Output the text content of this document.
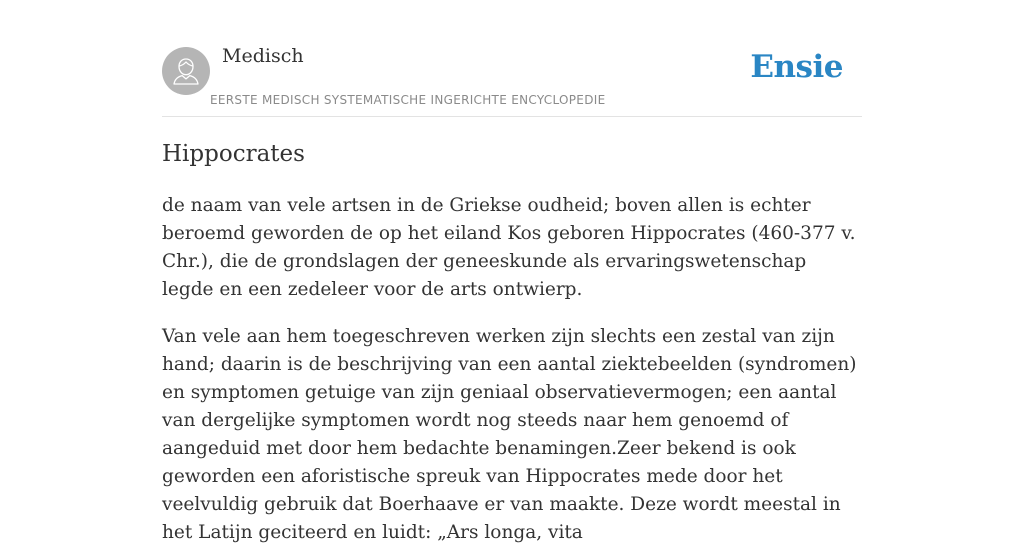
Medisch
EERSTE MEDISCH SYSTEMATISCHE INGERICHTE ENCYCLOPEDIE
Ensie
Hippocrates

de naam van vele artsen in de Griekse oudheid; boven allen is echter beroemd geworden de op het eiland Kos geboren Hippocrates (460-377 v. Chr.), die de grondslagen der geneeskunde als ervaringswetenschap legde en een zedeleer voor de arts ontwierp.

Van vele aan hem toegeschreven werken zijn slechts een zestal van zijn hand; daarin is de beschrijving van een aantal ziektebeelden (syndromen) en symptomen getuige van zijn geniaal observatievermogen; een aantal van dergelijke symptomen wordt nog steeds naar hem genoemd of aangeduid met door hem bedachte benamingen.Zeer bekend is ook geworden een aforistische spreuk van Hippocrates mede door het veelvuldig gebruik dat Boerhaave er van maakte. Deze wordt meestal in het Latijn geciteerd en luidt: „Ars longa, vita
